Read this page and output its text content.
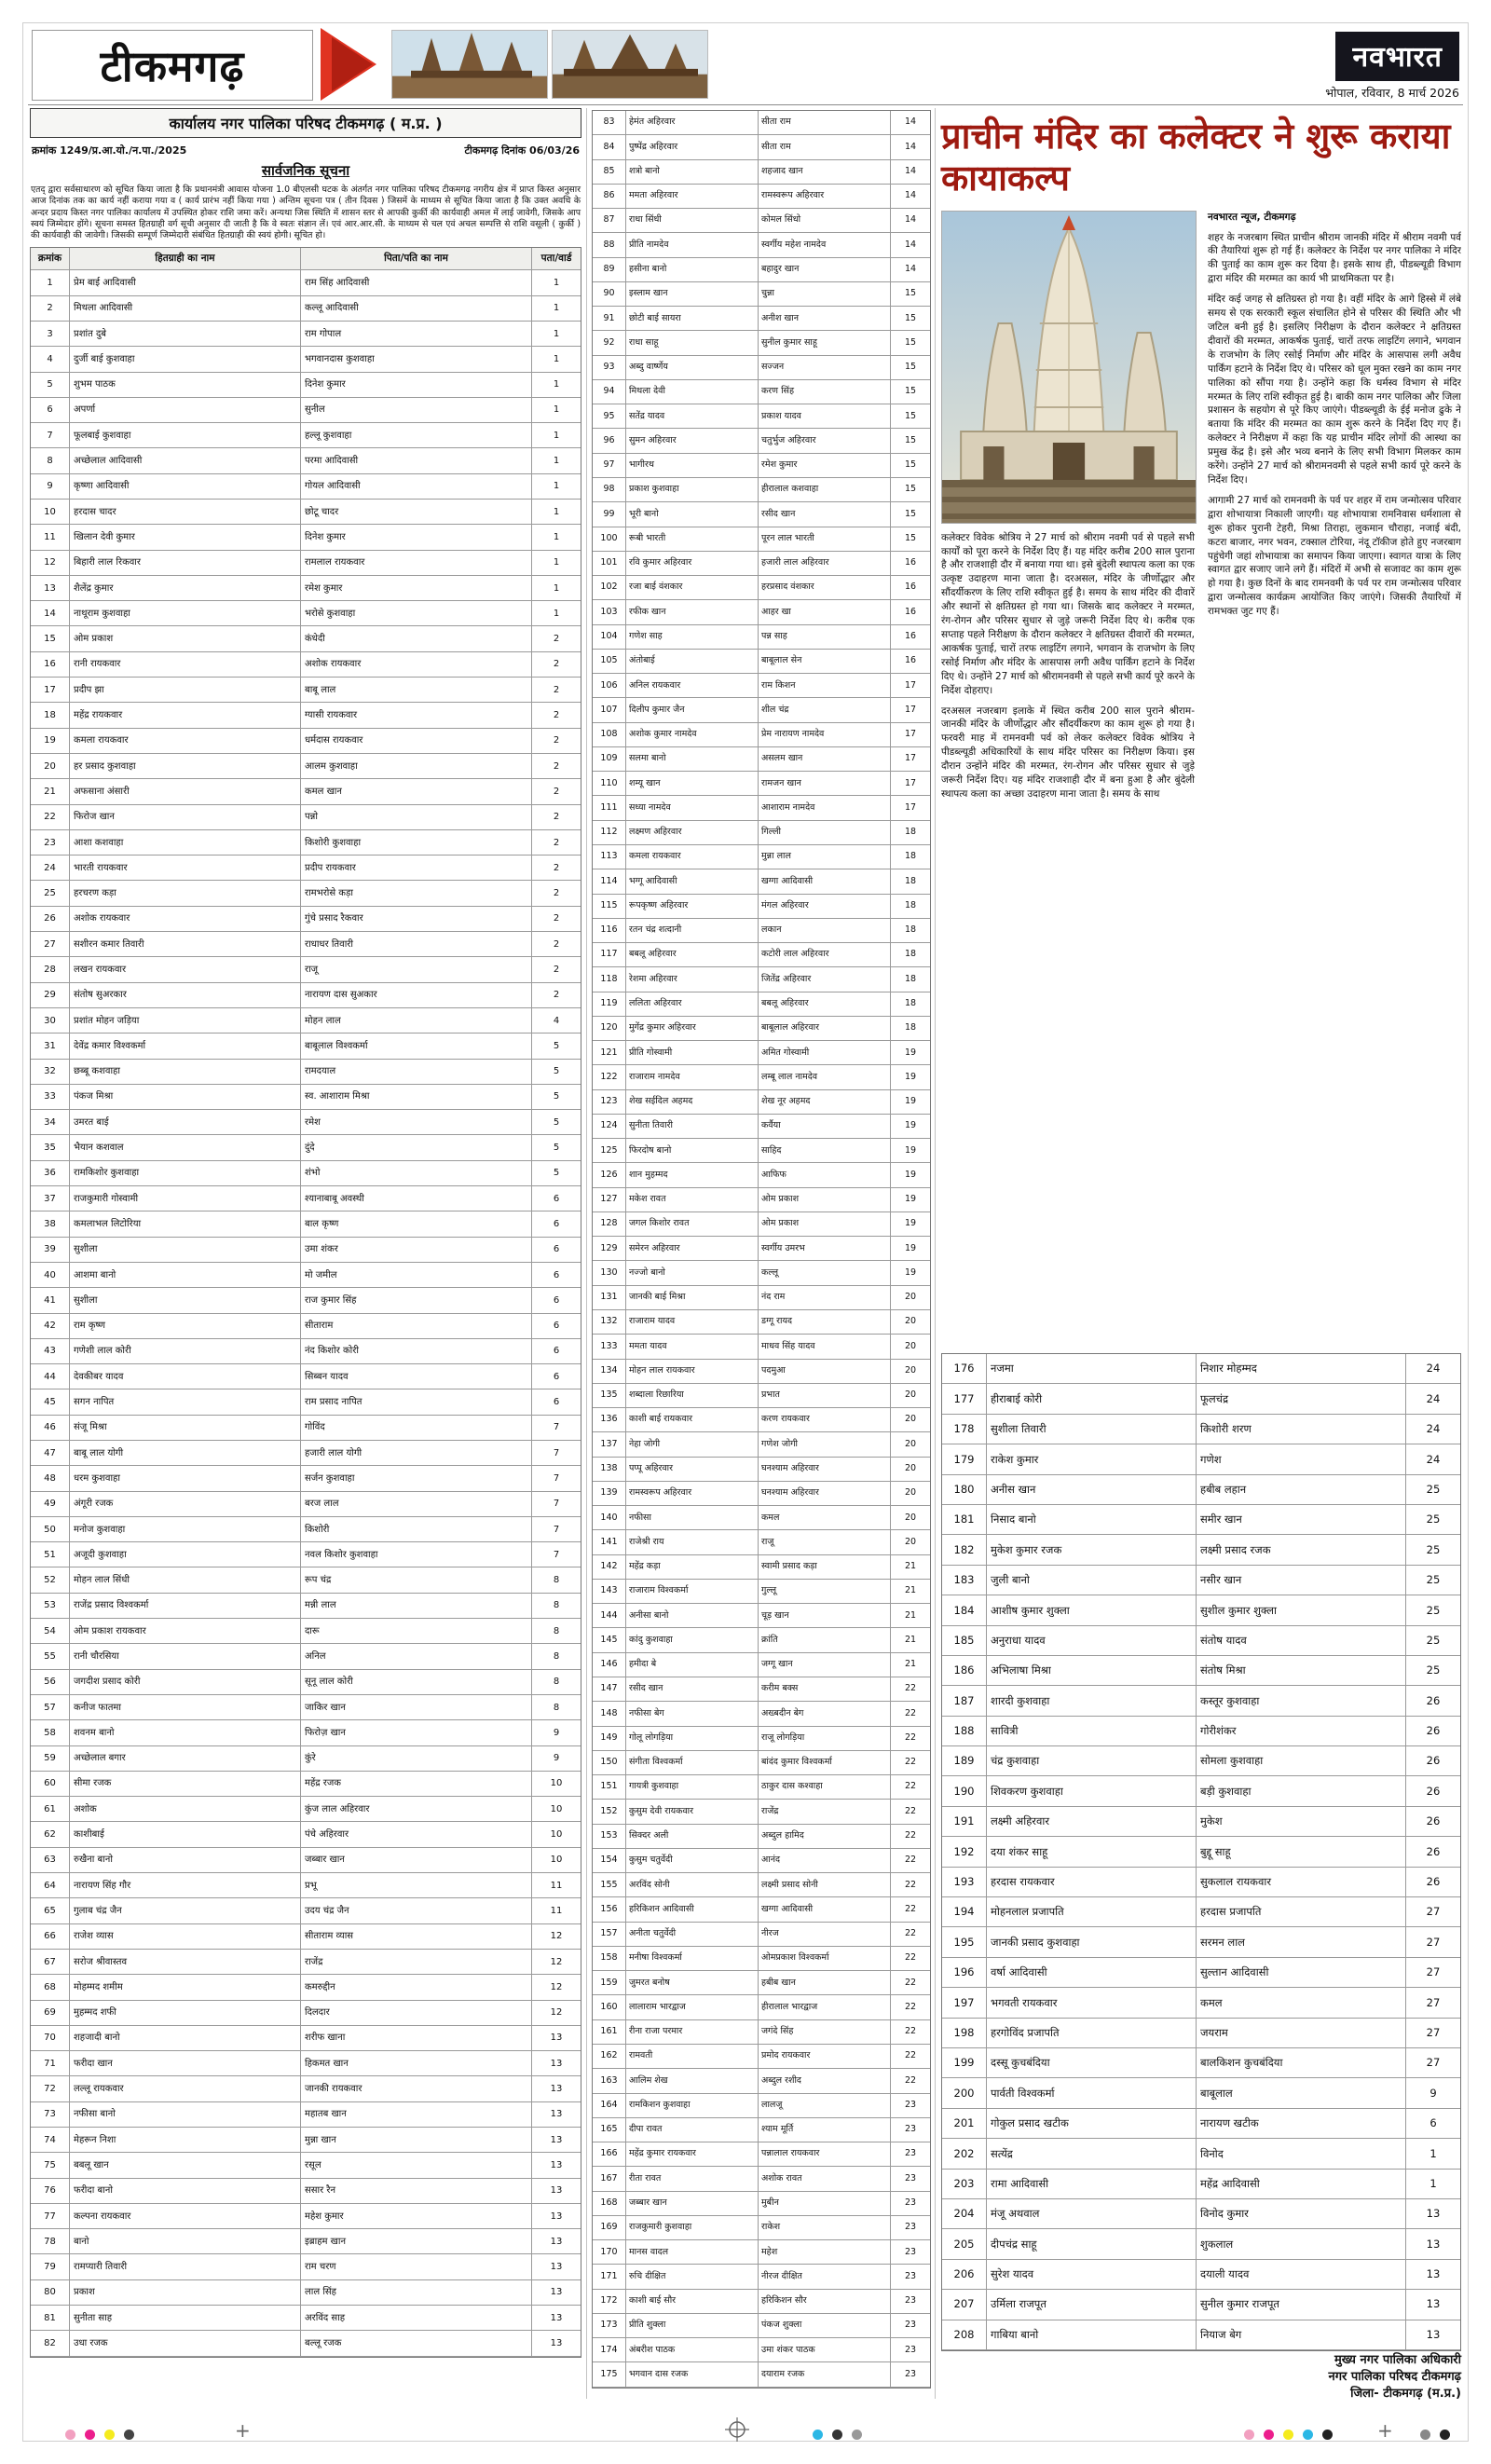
टीकमगढ़	नवभारत
भोपाल, रविवार, 8 मार्च 2026
कार्यालय नगर पालिका परिषद टीकमगढ़ ( म.प्र. )
क्रमांक 1249/प्र.आ.यो./न.पा./2025	टीकमगढ़ दिनांक 06/03/26
सार्वजनिक सूचना
एतद् द्वारा सर्वसाधारण को सूचित किया जाता है कि प्रधानमंत्री आवास योजना 1.0 बीएलसी घटक के अंतर्गत नगर पालिका परिषद टीकमगढ़ नगरीय क्षेत्र में प्राप्त किस्त अनुसार आज दिनांक तक का कार्य नहीं कराया गया व ( कार्य प्रारंभ नहीं किया गया ) अन्तिम सूचना पत्र ( तीन दिवस ) जिसमें के माध्यम से सूचित किया जाता है कि उक्त अवधि के अन्दर प्रदाय किस्त नगर पालिका कार्यालय में उपस्थित होकर राशि जमा करें। अन्यथा जिस स्थिति में शासन स्तर से आपकी कुर्की की कार्यवाही अमल में लाई जावेगी, जिसके आप स्वयं जिम्मेदार होंगे। सूचना समस्त हितग्राही वर्ग सूची अनुसार दी जाती है कि वे स्वतः संज्ञान लें। एवं आर.आर.सी. के माध्यम से चल एवं अचल सम्पत्ति से राशि वसूली ( कुर्की ) की कार्यवाही की जावेगी। जिसकी सम्पूर्ण जिम्मेदारी संबंधित हितग्राही की स्वयं होगी। सूचित हो।
क्रमांक	हितग्राही का नाम	पिता/पति का नाम	पता/वार्ड
1	प्रेम बाई आदिवासी	राम सिंह आदिवासी	1
2	मिथला आदिवासी	कल्लू आदिवासी	1
3	प्रशांत दुबे	राम गोपाल	1
4	दुर्जी बाई कुशवाहा	भगवानदास कुशवाहा	1
5	शुभम पाठक	दिनेश कुमार	1
6	अपर्णा	सुनील	1
7	फूलबाई कुशवाहा	हल्लू कुशवाहा	1
8	अच्छेलाल आदिवासी	परमा आदिवासी	1
9	कृष्णा आदिवासी	गोयल आदिवासी	1
10	हरदास चादर	छोटू चादर	1
11	खिलान देवी कुमार	दिनेश कुमार	1
12	बिहारी लाल रिकवार	रामलाल रायकवार	1
13	शैलेंद्र कुमार	रमेश कुमार	1
14	नाथूराम कुशवाहा	भरोसे कुशवाहा	1
15	ओम प्रकाश	कंधेदी	2
16	रानी रायकवार	अशोक रायकवार	2
17	प्रदीप झा	बाबू लाल	2
18	महेंद्र रायकवार	ग्यासी रायकवार	2
19	कमला रायकवार	धर्मदास रायकवार	2
20	हर प्रसाद कुशवाहा	आलम कुशवाहा	2
21	अफसाना अंसारी	कमल खान	2
22	फिरोज खान	पन्नो	2
23	आशा कशवाहा	किशोरी कुशवाहा	2
24	भारती रायकवार	प्रदीप रायकवार	2
25	हरचरण कड़ा	रामभरोसे कड़ा	2
26	अशोक रायकवार	गुंचे प्रसाद रैकवार	2
27	सशीरन कमार तिवारी	राधाधर तिवारी	2
28	लखन रायकवार	राजू	2
29	संतोष सुअरकार	नारायण दास सुअकार	2
30	प्रशांत मोहन जड़िया	मोहन लाल	4
31	देवेंद्र कमार विश्वकर्मा	बाबूलाल विश्वकर्मा	5
32	छब्बू कशवाहा	रामदयाल	5
33	पंकज मिश्रा	स्व. आशाराम मिश्रा	5
34	उमरत बाई	रमेश	5
35	भैयान कशवाल	दुंदे	5
36	रामकिशोर कुशवाहा	शंभो	5
37	राजकुमारी गोस्वामी	श्यानाबाबू अवस्थी	6
38	कमलाभल लिटोरिया	बाल कृष्ण	6
39	सुशीला	उमा शंकर	6
40	आशमा बानो	मो जमील	6
41	सुशीला	राज कुमार सिंह	6
42	राम कृष्ण	सीताराम	6
43	गणेशी लाल कोरी	नंद किशोर कोरी	6
44	देवकीबर यादव	सिब्बन यादव	6
45	सगन नापित	राम प्रसाद नापित	6
46	संजू मिश्रा	गोविंद	7
47	बाबू लाल योगी	हजारी लाल योगी	7
48	धरम कुशवाहा	सर्जन कुशवाहा	7
49	अंगूरी रजक	बरज लाल	7
50	मनोज कुशवाहा	किशोरी	7
51	अजूदी कुशवाहा	नवल किशोर कुशवाहा	7
52	मोहन लाल सिंधी	रूप चंद्र	8
53	राजेंद्र प्रसाद विश्वकर्मा	मन्नी लाल	8
54	ओम प्रकाश रायकवार	दारू	8
55	रानी चौरसिया	अनिल	8
56	जगदीश प्रसाद कोरी	सूनू लाल कोरी	8
57	कनीज फातमा	जाकिर खान	8
58	शवनम बानो	फिरोज़ खान	9
59	अच्छेलाल बगार	कुंरे	9
60	सीमा रजक	महेंद्र रजक	10
61	अशोक	कुंज लाल अहिरवार	10
62	काशीबाई	पंचे अहिरवार	10
63	रुखैना बानो	जब्बार खान	10
64	नारायण सिंह गौर	प्रभू	11
65	गुलाब चंद्र जैन	उदय चंद्र जैन	11
66	राजेश व्यास	सीताराम व्यास	12
67	सरोज श्रीवास्तव	राजेंद्र	12
68	मोहम्मद शमीम	कमरुद्दीन	12
69	मुहम्मद शफी	दिलदार	12
70	शहजादी बानो	शरीफ खाना	13
71	फरीदा खान	हिकमत खान	13
72	लल्लू रायकवार	जानकी रायकवार	13
73	नफीसा बानो	महातब खान	13
74	मेहरून निशा	मुन्ना खान	13
75	बबलू खान	रसूल	13
76	फरीदा बानो	ससार रैन	13
77	कल्पना रायकवार	महेश कुमार	13
78	बानो	इब्राहम खान	13
79	रामप्यारी तिवारी	राम चरण	13
80	प्रकाश	लाल सिंह	13
81	सुनीता साह	अरविंद साह	13
82	उधा रजक	बल्लू रजक	13
83	हेमंत अहिरवार	सीता राम	14
84	पुष्पेंद्र अहिरवार	सीता राम	14
85	शत्रो बानो	शहजाद खान	14
86	ममता अहिरवार	रामस्वरूप अहिरवार	14
87	राधा सिंधी	कोमल सिंधो	14
88	प्रीति नामदेव	स्वर्गीय महेश नामदेव	14
89	हसीना बानो	बहादुर खान	14
90	इस्लाम खान	चुन्ना	15
91	छोटी बाई सायरा	अनीश खान	15
92	राधा साहू	सुनील कुमार साहू	15
93	अब्दु वार्ष्णेय	सज्जन	15
94	मिथला देवी	करण सिंह	15
95	सतेंद्र यादव	प्रकाश यादव	15
96	सुमन अहिरवार	चतुर्भुज अहिरवार	15
97	भागीरथ	रमेश कुमार	15
98	प्रकाश कुशवाहा	हीरालाल कशवाहा	15
99	भूरी बानो	रसीद खान	15
100	रूबी भारती	पूरन लाल भारती	15
101	रवि कुमार अहिरवार	हजारी लाल अहिरवार	16
102	रजा बाई वंशकार	हरप्रसाद वंशकार	16
103	रफीक खान	आहर खा	16
104	गणेश साह	पन्न साह	16
105	अंतोबाई	बाबूलाल सेन	16
106	अनिल रायकवार	राम किशन	17
107	दिलीप कुमार जैन	शील चंद्र	17
108	अशोक कुमार नामदेव	प्रेम नारायण नामदेव	17
109	सलमा बानो	असलम खान	17
110	शम्यू खान	रामजन खान	17
111	सध्या नामदेव	आशाराम नामदेव	17
112	लक्ष्मण अहिरवार	गिल्ली	18
113	कमला रायकवार	मुन्ना लाल	18
114	भग्गू आदिवासी	खग्गा आदिवासी	18
115	रूपकृष्ण अहिरवार	मंगल अहिरवार	18
116	रतन चंद्र शत्दानी	लकान	18
117	बबलू अहिरवार	कटोरी लाल अहिरवार	18
118	रेशमा अहिरवार	जितेंद्र अहिरवार	18
119	ललिता अहिरवार	बबलू अहिरवार	18
120	मुगेंद्र कुमार अहिरवार	बाबूलाल अहिरवार	18
121	प्रीति गोस्वामी	अमित गोस्वामी	19
122	राजाराम नामदेव	लम्बू लाल नामदेव	19
123	शेख सईदिल अहमद	शेख नूर अहमद	19
124	सुनीता तिवारी	कर्वैया	19
125	फिरदोष बानो	साहिद	19
126	शान मुहम्मद	आफिफ	19
127	मकेश रावत	ओम प्रकाश	19
128	जगल किशोर रावत	ओम प्रकाश	19
129	समेरन अहिरवार	स्वर्गीय उमरभ	19
130	नज्जो बानो	कल्लू	19
131	जानकी बाई मिश्रा	नंद राम	20
132	राजाराम यादव	डग्गू रायद	20
133	ममता यादव	माधव सिंह यादव	20
134	मोहन लाल रायकवार	पदमुआ	20
135	शब्दाला रिछारिया	प्रभात	20
136	काशी बाई रायकवार	करण रायकवार	20
137	नेहा जोगी	गणेश जोगी	20
138	पप्पू अहिरवार	घनश्याम अहिरवार	20
139	रामस्वरूप अहिरवार	घनश्याम अहिरवार	20
140	नफीसा	कमल	20
141	राजेश्री राय	राजू	20
142	महेंद्र कड़ा	स्वामी प्रसाद कड़ा	21
143	राजाराम विश्वकर्मा	गुल्लू	21
144	अनीसा बानो	चूड़ खान	21
145	कांदु कुशवाहा	क्रांति	21
146	हमीदा बे	जग्गू खान	21
147	रसीद खान	करीम बक्स	22
148	नफीसा बेग	अख्बदीन बेग	22
149	गोलू लोगड़िया	राजू लोगड़िया	22
150	संगीता विश्वकर्मा	बांदंद कुमार विश्वकर्मा	22
151	गायत्री कुशवाहा	ठाकुर दास कश्वाहा	22
152	कुसुम देवी रायकवार	राजेंद्र	22
153	सिक्दर अली	अब्दुल हामिद	22
154	कुसुम चतुर्वेदी	आनंद	22
155	अरविंद सोनी	लक्ष्मी प्रसाद सोनी	22
156	हरिकिशन आदिवासी	खग्गा आदिवासी	22
157	अनीता चतुर्वेदी	नीरज	22
158	मनीषा विश्वकर्मा	ओमप्रकाश विश्वकर्मा	22
159	जुमरत बनोष	हबीब खान	22
160	लालाराम भारद्वाज	हीरालाल भारद्वाज	22
161	रीना राजा परमार	जगंदे सिंह	22
162	रामवती	प्रमोद रायकवार	22
163	आलिम शेख	अब्दुल रशीद	22
164	रामकिशन कुशवाहा	लालजू	23
165	दीपा रावत	श्याम मूर्ति	23
166	महेंद्र कुमार रायकवार	पन्नालाल रायकवार	23
167	रीता रावत	अशोक रावत	23
168	जब्बार खान	मुबीन	23
169	राजकुमारी कुशवाहा	राकेश	23
170	मानस वादल	महेश	23
171	रुचि दीक्षित	नीरज दीक्षित	23
172	काशी बाई सौर	हरिकिशन सौर	23
173	प्रीति शुक्ला	पंकज शुक्ला	23
174	अंबरीश पाठक	उमा शंकर पाठक	23
175	भगवान दास रजक	दयाराम रजक	23
प्राचीन मंदिर का कलेक्टर ने शुरू कराया कायाकल्प

कलेक्टर विवेक श्रोत्रिय ने 27 मार्च को श्रीराम नवमी पर्व से पहले सभी कार्यों को पूरा करने के निर्देश दिए हैं। यह मंदिर करीब 200 साल पुराना है और राजशाही दौर में बनाया गया था। इसे बुंदेली स्थापत्य कला का एक उत्कृष्ट उदाहरण माना जाता है। दरअसल, मंदिर के जीर्णोद्धार और सौंदर्यीकरण के लिए राशि स्वीकृत हुई है। समय के साथ मंदिर की दीवारें और स्थानों से क्षतिग्रस्त हो गया था। जिसके बाद कलेक्टर ने मरम्मत, रंग-रोगन और परिसर सुधार से जुड़े जरूरी निर्देश दिए थे। करीब एक सप्ताह पहले निरीक्षण के दौरान कलेक्टर ने क्षतिग्रस्त दीवारों की मरम्मत, आकर्षक पुताई, चारों तरफ लाइटिंग लगाने, भगवान के राजभोग के लिए रसोई निर्माण और मंदिर के आसपास लगी अवैध पार्किंग हटाने के निर्देश दिए थे। उन्होंने 27 मार्च को श्रीरामनवमी से पहले सभी कार्य पूरे करने के निर्देश दोहराए।

दरअसल नजरबाग इलाके में स्थित करीब 200 साल पुराने श्रीराम-जानकी मंदिर के जीर्णोद्धार और सौंदर्यीकरण का काम शुरू हो गया है। फरवरी माह में रामनवमी पर्व को लेकर कलेक्टर विवेक श्रोत्रिय ने पीडब्ल्यूडी अधिकारियों के साथ मंदिर परिसर का निरीक्षण किया। इस दौरान उन्होंने मंदिर की मरम्मत, रंग-रोगन और परिसर सुधार से जुड़े जरूरी निर्देश दिए। यह मंदिर राजशाही दौर में बना हुआ है और बुंदेली स्थापत्य कला का अच्छा उदाहरण माना जाता है। समय के साथ

नवभारत न्यूज, टीकमगढ़

शहर के नजरबाग स्थित प्राचीन श्रीराम जानकी मंदिर में श्रीराम नवमी पर्व की तैयारियां शुरू हो गई हैं। कलेक्टर के निर्देश पर नगर पालिका ने मंदिर की पुताई का काम शुरू कर दिया है। इसके साथ ही, पीडब्ल्यूडी विभाग द्वारा मंदिर की मरम्मत का कार्य भी प्राथमिकता पर है।

मंदिर कई जगह से क्षतिग्रस्त हो गया है। वहीं मंदिर के आगे हिस्से में लंबे समय से एक सरकारी स्कूल संचालित होने से परिसर की स्थिति और भी जटिल बनी हुई है। इसलिए निरीक्षण के दौरान कलेक्टर ने क्षतिग्रस्त दीवारों की मरम्मत, आकर्षक पुताई, चारों तरफ लाइटिंग लगाने, भगवान के राजभोग के लिए रसोई निर्माण और मंदिर के आसपास लगी अवैध पार्किंग हटाने के निर्देश दिए थे। परिसर को धूल मुक्त रखने का काम नगर पालिका को सौंपा गया है। उन्होंने कहा कि धर्मस्व विभाग से मंदिर मरम्मत के लिए राशि स्वीकृत हुई है। बाकी काम नगर पालिका और जिला प्रशासन के सहयोग से पूरे किए जाएंगे। पीडब्ल्यूडी के ईई मनोज ढुके ने बताया कि मंदिर की मरम्मत का काम शुरू करने के निर्देश दिए गए हैं। कलेक्टर ने निरीक्षण में कहा कि यह प्राचीन मंदिर लोगों की आस्था का प्रमुख केंद्र है। इसे और भव्य बनाने के लिए सभी विभाग मिलकर काम करेंगे। उन्होंने 27 मार्च को श्रीरामनवमी से पहले सभी कार्य पूरे करने के निर्देश दिए।

आगामी 27 मार्च को रामनवमी के पर्व पर शहर में राम जन्मोत्सव परिवार द्वारा शोभायात्रा निकाली जाएगी। यह शोभायात्रा रामनिवास धर्मशाला से शुरू होकर पुरानी टेहरी, मिश्रा तिराहा, लुकमान चौराहा, नजाई बंदी, कटरा बाजार, नगर भवन, टक्साल टोरिया, नंदू टॉकीज होते हुए नजरबाग पहुंचेगी जहां शोभायात्रा का समापन किया जाएगा। स्वागत यात्रा के लिए स्वागत द्वार सजाए जाने लगे हैं। मंदिरों में अभी से सजावट का काम शुरू हो गया है। कुछ दिनों के बाद रामनवमी के पर्व पर राम जन्मोत्सव परिवार द्वारा जन्मोत्सव कार्यक्रम आयोजित किए जाएंगे। जिसकी तैयारियों में रामभक्त जुट गए हैं।

176	नजमा	निशार मोहम्मद	24
177	हीराबाई कोरी	फूलचंद्र	24
178	सुशीला तिवारी	किशोरी शरण	24
179	राकेश कुमार	गणेश	24
180	अनीस खान	हबीब लहान	25
181	निसाद बानो	समीर खान	25
182	मुकेश कुमार रजक	लक्ष्मी प्रसाद रजक	25
183	जुली बानो	नसीर खान	25
184	आशीष कुमार शुक्ला	सुशील कुमार शुक्ला	25
185	अनुराधा यादव	संतोष यादव	25
186	अभिलाषा मिश्रा	संतोष मिश्रा	25
187	शारदी कुशवाहा	कस्तूर कुशवाहा	26
188	सावित्री	गोरीशंकर	26
189	चंद्र कुशवाहा	सोमला कुशवाहा	26
190	शिवकरण कुशवाहा	बड़ी कुशवाहा	26
191	लक्ष्मी अहिरवार	मुकेश	26
192	दया शंकर साहू	बुद्दू साहू	26
193	हरदास रायकवार	सुकलाल रायकवार	26
194	मोहनलाल प्रजापति	हरदास प्रजापति	27
195	जानकी प्रसाद कुशवाहा	सरमन लाल	27
196	वर्षा आदिवासी	सुल्तान आदिवासी	27
197	भगवती रायकवार	कमल	27
198	हरगोविंद प्रजापति	जयराम	27
199	दस्सू कुचबंदिया	बालकिशन कुचबंदिया	27
200	पार्वती विश्वकर्मा	बाबूलाल	9
201	गोकुल प्रसाद खटीक	नारायण खटीक	6
202	सत्येंद्र	विनोद	1
203	रामा आदिवासी	महेंद्र आदिवासी	1
204	मंजू अथवाल	विनोद कुमार	13
205	दीपचंद्र साहू	शुकलाल	13
206	सुरेश यादव	दयाली यादव	13
207	उर्मिला राजपूत	सुनील कुमार राजपूत	13
208	गाबिया बानो	नियाज बेग	13
मुख्य नगर पालिका अधिकारी
नगर पालिका परिषद टीकमगढ़
जिला- टीकमगढ़ (म.प्र.)

+

	+
